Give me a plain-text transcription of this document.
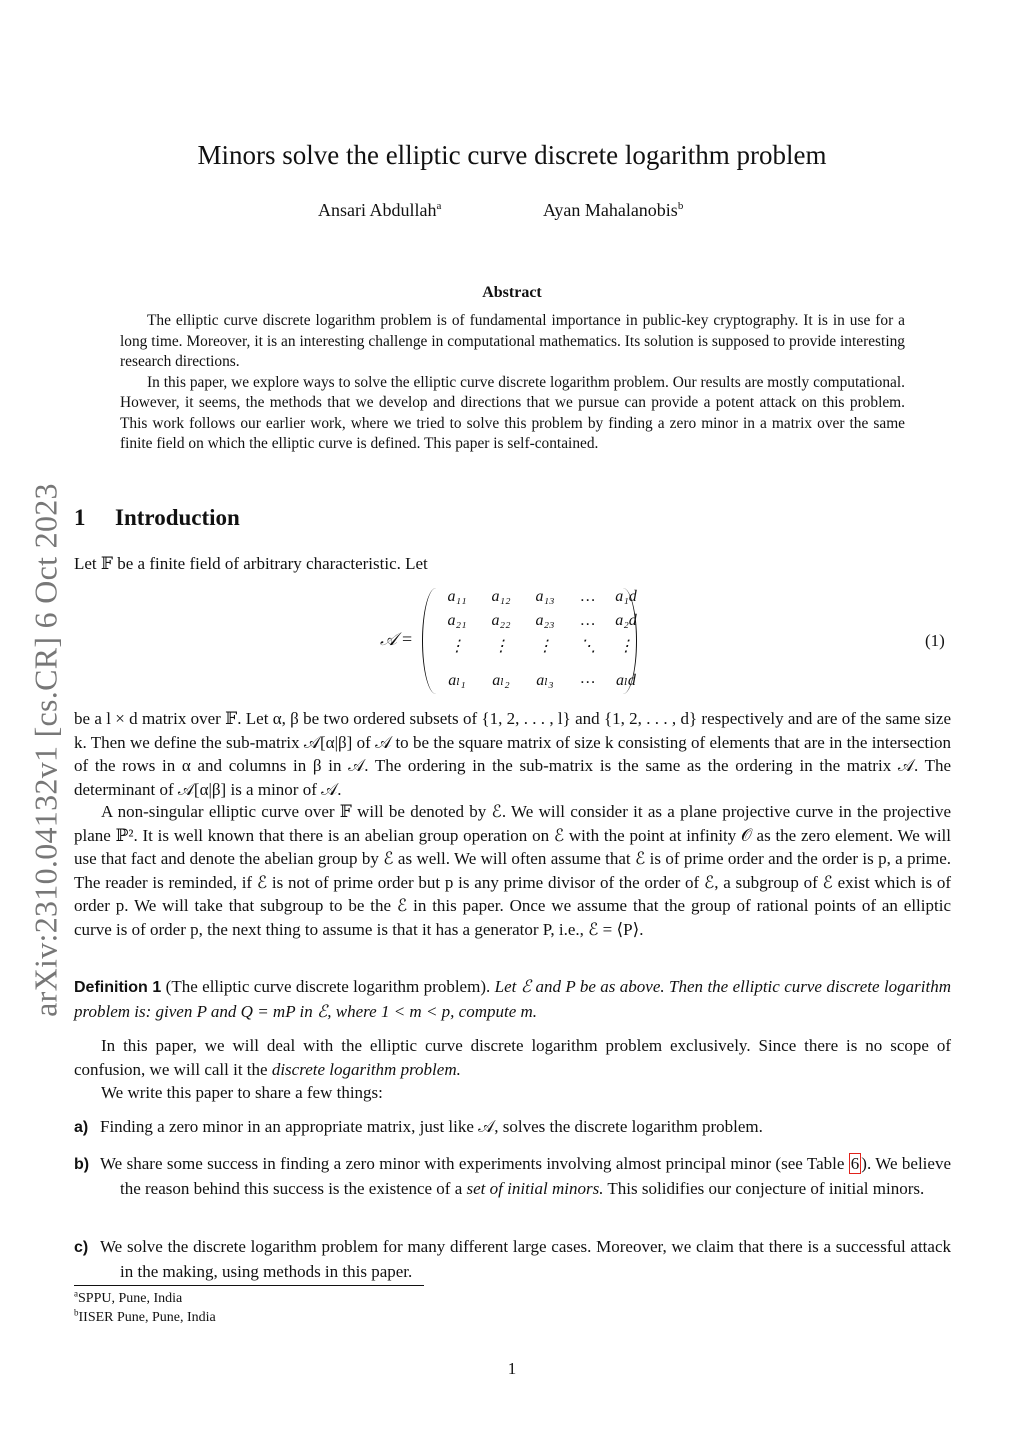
arXiv:2310.04132v1 [cs.CR] 6 Oct 2023
Minors solve the elliptic curve discrete logarithm problem
Ansari Abdullah$^a$	Ayan Mahalanobis$^b$
Abstract

The elliptic curve discrete logarithm problem is of fundamental importance in public-key cryptography. It is in use for a long time. Moreover, it is an interesting challenge in computational mathematics. Its solution is supposed to provide interesting research directions.

In this paper, we explore ways to solve the elliptic curve discrete logarithm problem. Our results are mostly computational. However, it seems, the methods that we develop and directions that we pursue can provide a potent attack on this problem. This work follows our earlier work, where we tried to solve this problem by finding a zero minor in a matrix over the same finite field on which the elliptic curve is defined. This paper is self-contained.

1 Introduction

Let 𝔽 be a finite field of arbitrary characteristic. Let

𝒜 =
a₁₁	a₁₂	a₁₃	…	a₁d
a₂₁	a₂₂	a₂₃	…	a₂d
⋮	⋮	⋮	⋱	⋮
aₗ₁	aₗ₂	aₗ₃	…	aₗd
(1)

be a l × d matrix over 𝔽. Let α, β be two ordered subsets of {1, 2, . . . , l} and {1, 2, . . . , d} respectively and are of the same size k. Then we define the sub-matrix 𝒜[α|β] of 𝒜 to be the square matrix of size k consisting of elements that are in the intersection of the rows in α and columns in β in 𝒜. The ordering in the sub-matrix is the same as the ordering in the matrix 𝒜. The determinant of 𝒜[α|β] is a minor of 𝒜.

A non-singular elliptic curve over 𝔽 will be denoted by ℰ. We will consider it as a plane projective curve in the projective plane ℙ². It is well known that there is an abelian group operation on ℰ with the point at infinity 𝒪 as the zero element. We will use that fact and denote the abelian group by ℰ as well. We will often assume that ℰ is of prime order and the order is p, a prime. The reader is reminded, if ℰ is not of prime order but p is any prime divisor of the order of ℰ, a subgroup of ℰ exist which is of order p. We will take that subgroup to be the ℰ in this paper. Once we assume that the group of rational points of an elliptic curve is of order p, the next thing to assume is that it has a generator P, i.e., ℰ = ⟨P⟩.

Definition 1 (The elliptic curve discrete logarithm problem). Let ℰ and P be as above. Then the elliptic curve discrete logarithm problem is: given P and Q = mP in ℰ, where 1 < m < p, compute m.

In this paper, we will deal with the elliptic curve discrete logarithm problem exclusively. Since there is no scope of confusion, we will call it the discrete logarithm problem.

We write this paper to share a few things:

a) Finding a zero minor in an appropriate matrix, just like 𝒜, solves the discrete logarithm problem.
b) We share some success in finding a zero minor with experiments involving almost principal minor (see Table 6 ). We believe the reason behind this success is the existence of a set of initial minors. This solidifies our conjecture of initial minors.
c) We solve the discrete logarithm problem for many different large cases. Moreover, we claim that there is a successful attack in the making, using methods in this paper.
$^a$SPPU, Pune, India
$^b$IISER Pune, Pune, India
1
